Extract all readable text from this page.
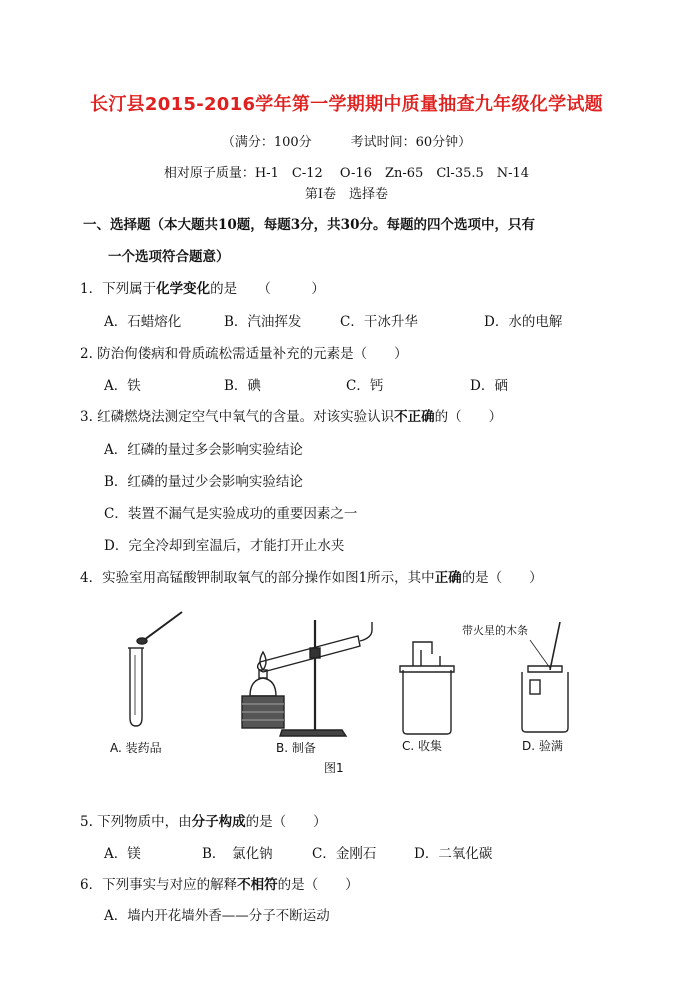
长汀县2015-2016学年第一学期期中质量抽查九年级化学试题
（满分：100分　　　考试时间：60分钟）
相对原子质量：H-1　C-12　 O-16　Zn-65　Cl-35.5　N-14
第Ⅰ卷　选择卷
一、选择题（本大题共10题，每题3分，共30分。每题的四个选项中，只有
一个选项符合题意）
1．下列属于化学变化的是　　（　　　）
A．石蜡熔化	B．汽油挥发	C．干冰升华	D．水的电解
2. 防治佝偻病和骨质疏松需适量补充的元素是（　　）
A．铁	B．碘	C．钙	D．硒
3. 红磷燃烧法测定空气中氧气的含量。对该实验认识不正确的（　　）
A．红磷的量过多会影响实验结论
B．红磷的量过少会影响实验结论
C．装置不漏气是实验成功的重要因素之一
D．完全冷却到室温后，才能打开止水夹
4．实验室用高锰酸钾制取氧气的部分操作如图1所示，其中正确的是（　　）
带火星的木条
A. 装药品	B. 制备	C. 收集	D. 验满
图1
5. 下列物质中，由分子构成的是（　　）
A．镁	B．　氯化钠	C．金刚石	D．二氧化碳
6．下列事实与对应的解释不相符的是（　　）
A．墙内开花墙外香——分子不断运动
